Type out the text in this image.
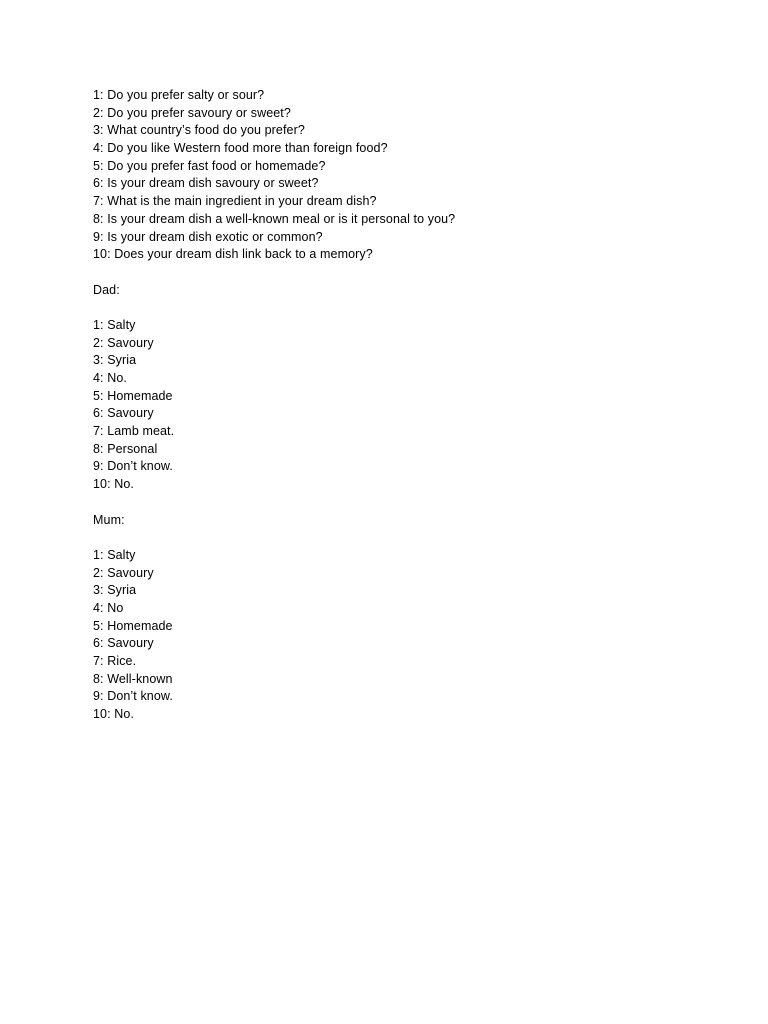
1: Do you prefer salty or sour?
2: Do you prefer savoury or sweet?
3: What country’s food do you prefer?
4: Do you like Western food more than foreign food?
5: Do you prefer fast food or homemade?
6: Is your dream dish savoury or sweet?
7: What is the main ingredient in your dream dish?
8: Is your dream dish a well-known meal or is it personal to you?
9: Is your dream dish exotic or common?
10: Does your dream dish link back to a memory?
Dad:
1: Salty
2: Savoury
3: Syria
4: No.
5: Homemade
6: Savoury
7: Lamb meat.
8: Personal
9: Don’t know.
10: No.
Mum:
1: Salty
2: Savoury
3: Syria
4: No
5: Homemade
6: Savoury
7: Rice.
8: Well-known
9: Don’t know.
10: No.
